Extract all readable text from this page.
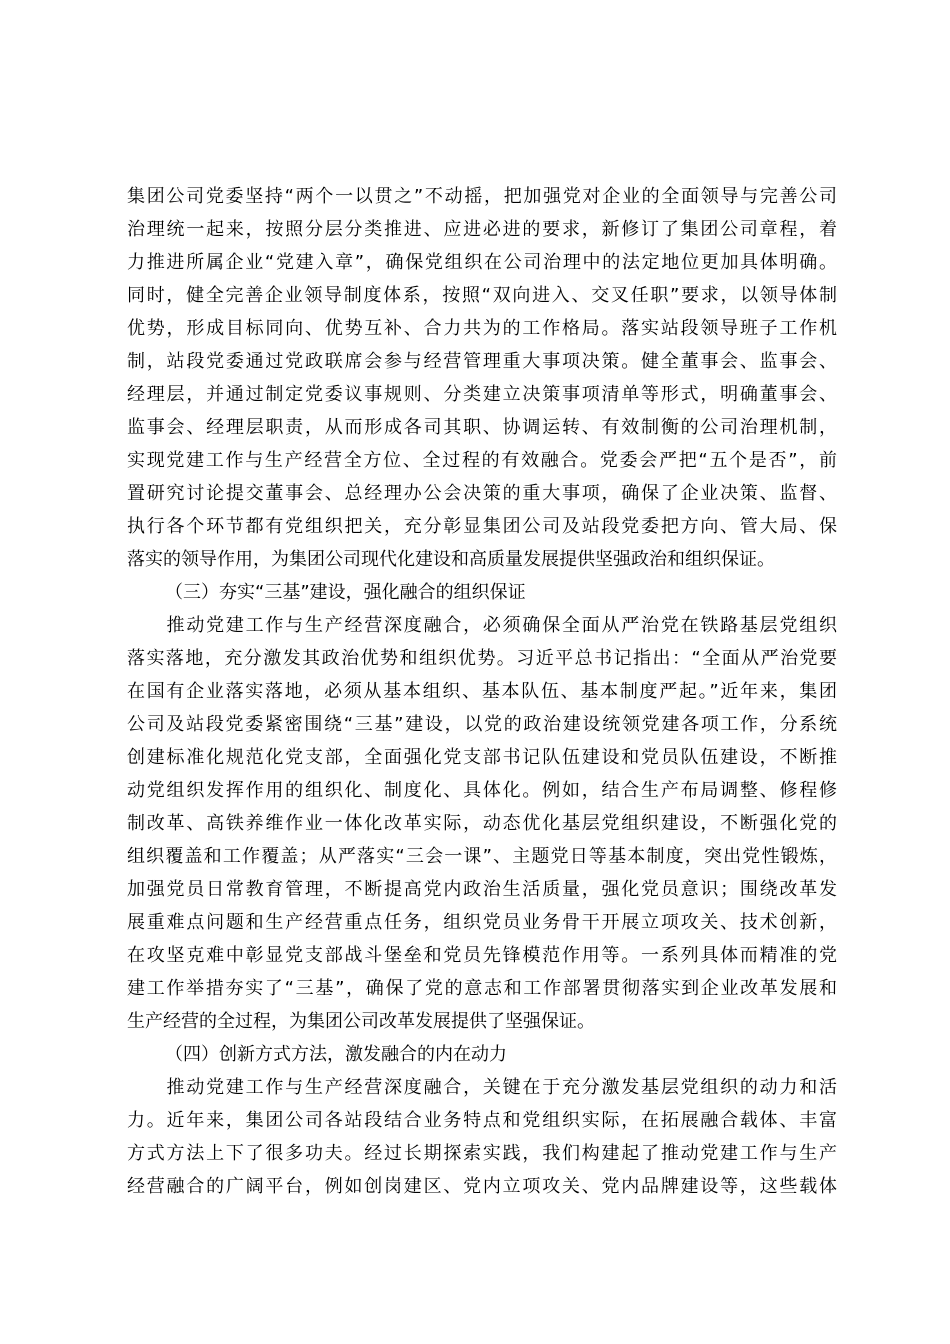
集团公司党委坚持“两个一以贯之”不动摇，把加强党对企业的全面领导与完善公司
治理统一起来，按照分层分类推进、应进必进的要求，新修订了集团公司章程，着
力推进所属企业“党建入章”，确保党组织在公司治理中的法定地位更加具体明确。
同时，健全完善企业领导制度体系，按照“双向进入、交叉任职”要求，以领导体制
优势，形成目标同向、优势互补、合力共为的工作格局。落实站段领导班子工作机
制，站段党委通过党政联席会参与经营管理重大事项决策。健全董事会、监事会、
经理层，并通过制定党委议事规则、分类建立决策事项清单等形式，明确董事会、
监事会、经理层职责，从而形成各司其职、协调运转、有效制衡的公司治理机制，
实现党建工作与生产经营全方位、全过程的有效融合。党委会严把“五个是否”，前
置研究讨论提交董事会、总经理办公会决策的重大事项，确保了企业决策、监督、
执行各个环节都有党组织把关，充分彰显集团公司及站段党委把方向、管大局、保
落实的领导作用，为集团公司现代化建设和高质量发展提供坚强政治和组织保证。
（三）夯实“三基”建设，强化融合的组织保证
　　推动党建工作与生产经营深度融合，必须确保全面从严治党在铁路基层党组织
落实落地，充分激发其政治优势和组织优势。习近平总书记指出：“全面从严治党要
在国有企业落实落地，必须从基本组织、基本队伍、基本制度严起。”近年来，集团
公司及站段党委紧密围绕“三基”建设，以党的政治建设统领党建各项工作，分系统
创建标准化规范化党支部，全面强化党支部书记队伍建设和党员队伍建设，不断推
动党组织发挥作用的组织化、制度化、具体化。例如，结合生产布局调整、修程修
制改革、高铁养维作业一体化改革实际，动态优化基层党组织建设，不断强化党的
组织覆盖和工作覆盖；从严落实“三会一课”、主题党日等基本制度，突出党性锻炼，
加强党员日常教育管理，不断提高党内政治生活质量，强化党员意识；围绕改革发
展重难点问题和生产经营重点任务，组织党员业务骨干开展立项攻关、技术创新，
在攻坚克难中彰显党支部战斗堡垒和党员先锋模范作用等。一系列具体而精准的党
建工作举措夯实了“三基”，确保了党的意志和工作部署贯彻落实到企业改革发展和
生产经营的全过程，为集团公司改革发展提供了坚强保证。
（四）创新方式方法，激发融合的内在动力
　　推动党建工作与生产经营深度融合，关键在于充分激发基层党组织的动力和活
力。近年来，集团公司各站段结合业务特点和党组织实际，在拓展融合载体、丰富
方式方法上下了很多功夫。经过长期探索实践，我们构建起了推动党建工作与生产
经营融合的广阔平台，例如创岗建区、党内立项攻关、党内品牌建设等，这些载体
